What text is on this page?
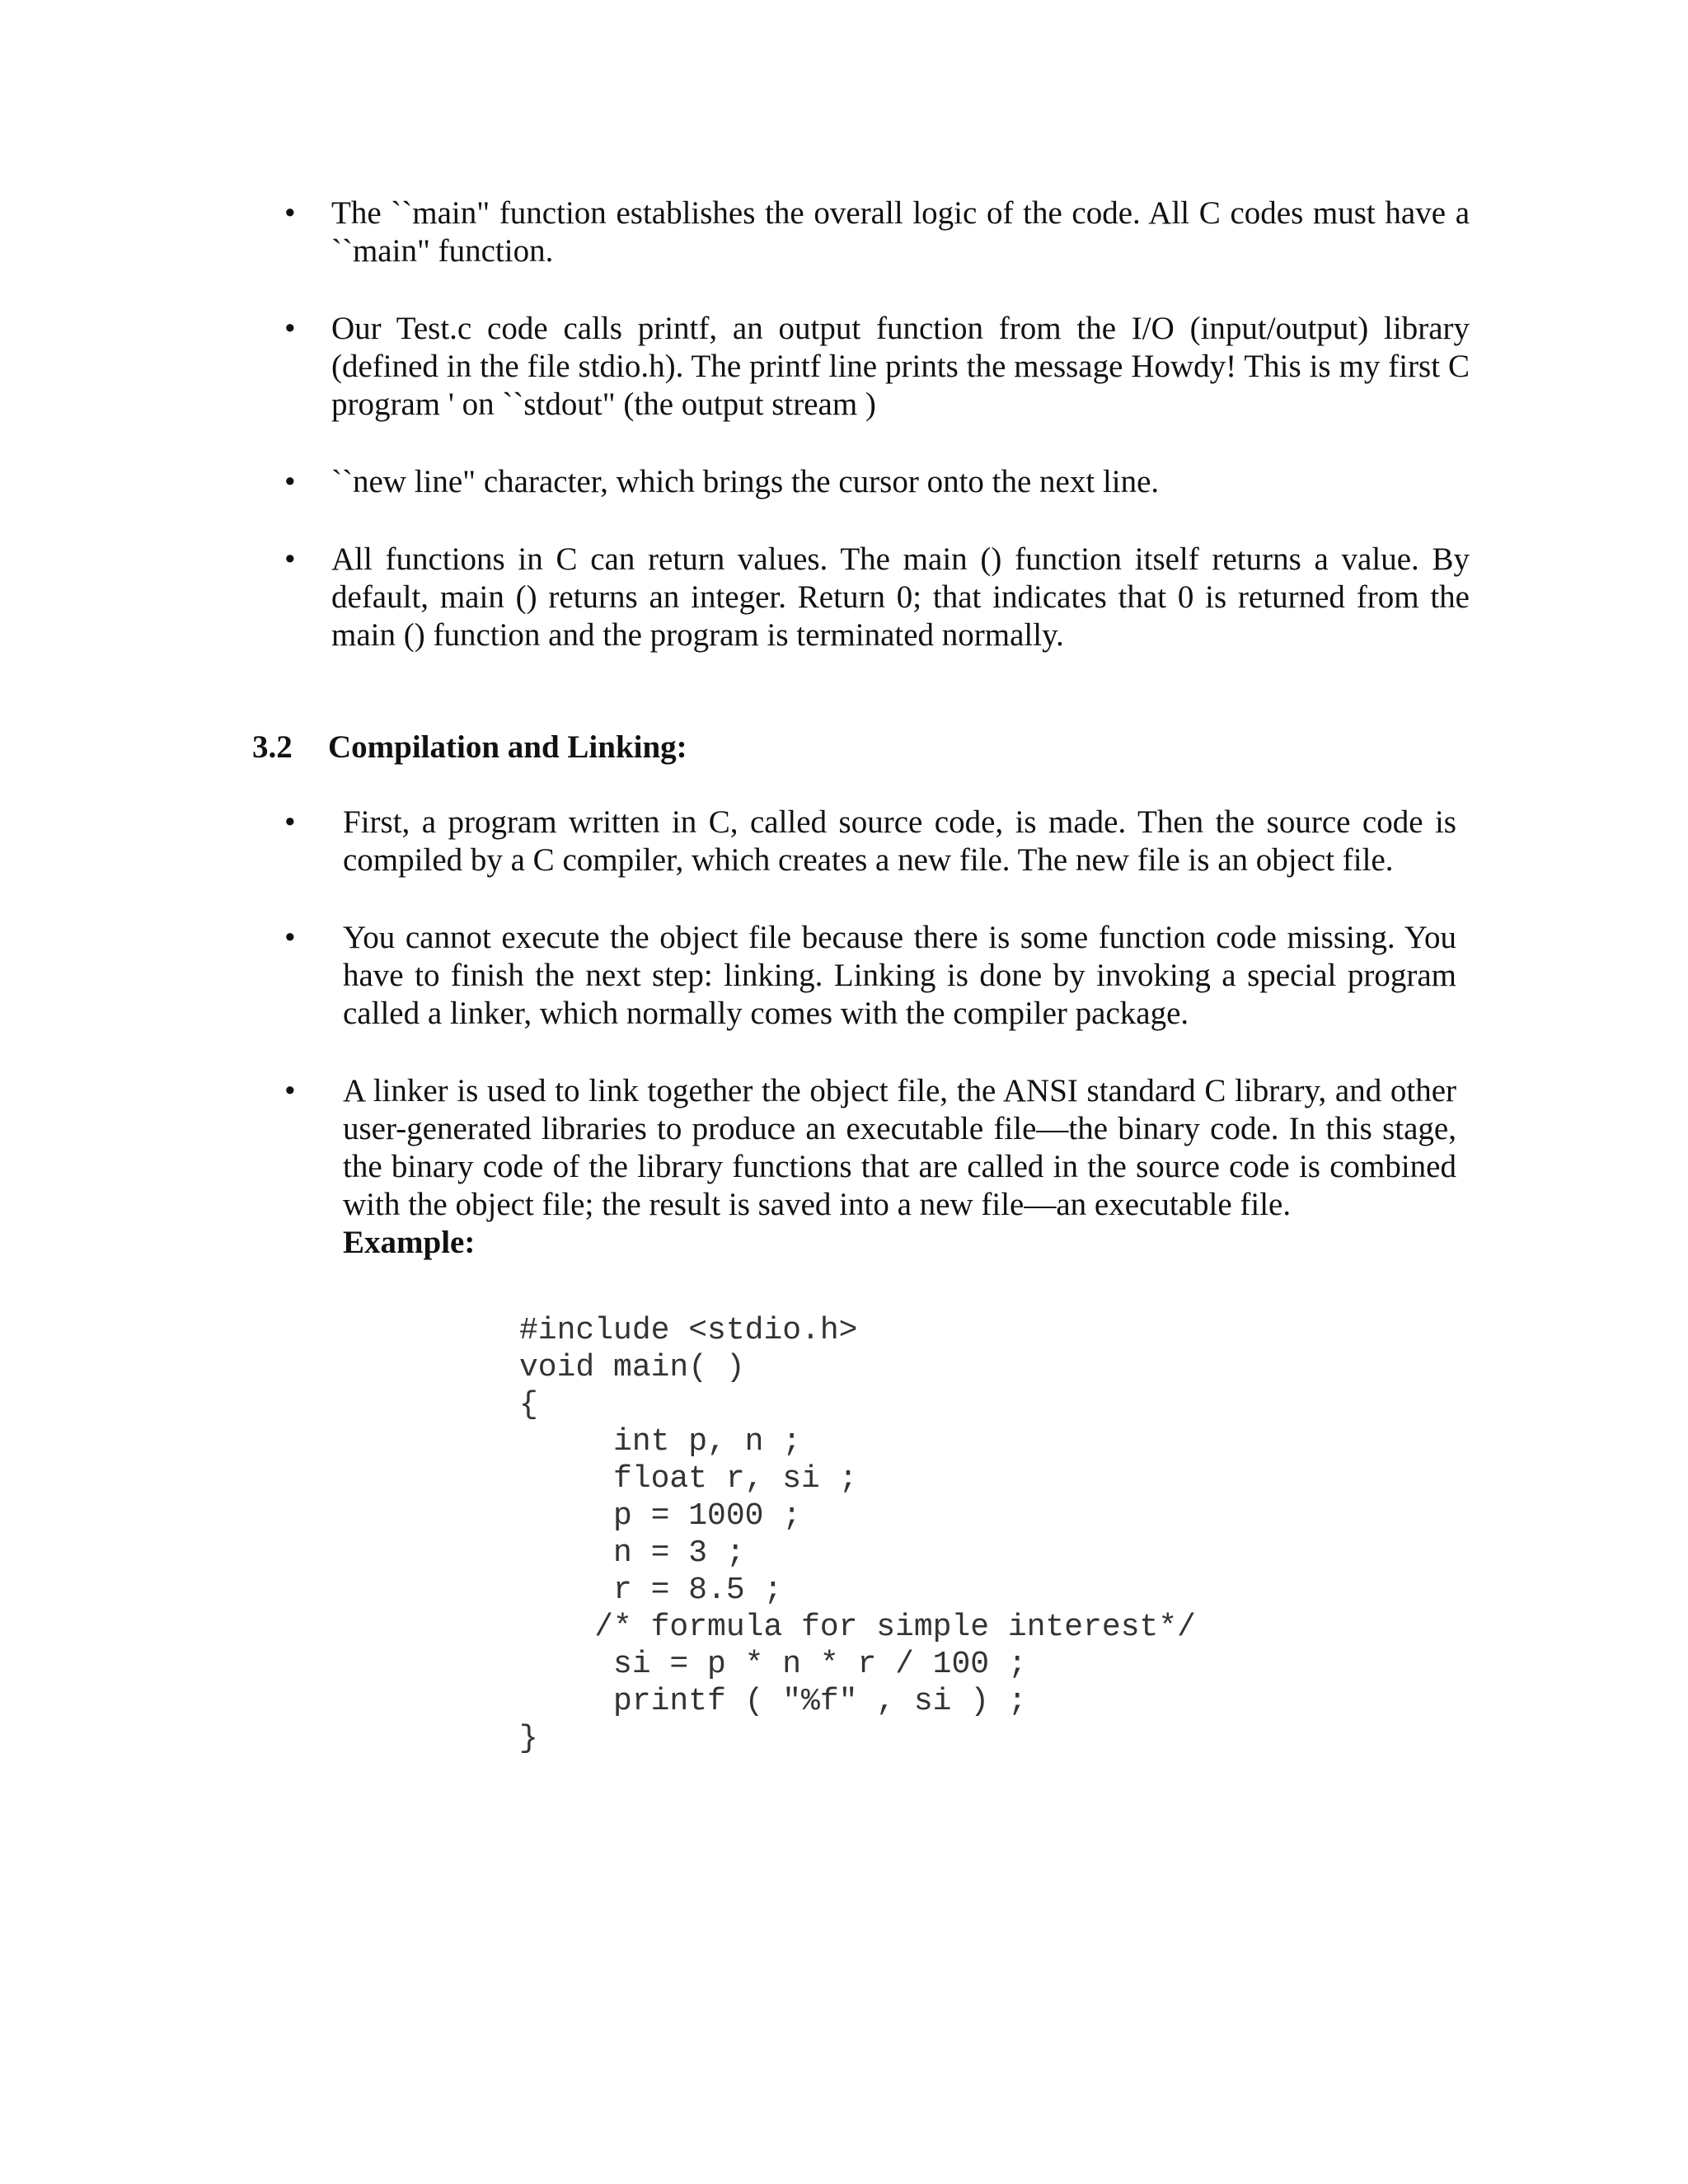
•	The ``main" function establishes the overall logic of the code. All C codes must have a ``main" function.
•	Our Test.c code calls printf, an output function from the I/O (input/output) library (defined in the file stdio.h). The printf line prints the message Howdy! This is my first C program ' on ``stdout" (the output stream )
•	``new line" character, which brings the cursor onto the next line.
•	All functions in C can return values. The main () function itself returns a value. By default, main () returns an integer. Return 0; that indicates that 0 is returned from the main () function and the program is terminated normally.
3.2 Compilation and Linking:
•	First, a program written in C, called source code, is made. Then the source code is compiled by a C compiler, which creates a new file. The new file is an object file.
•	You cannot execute the object file because there is some function code missing. You have to finish the next step: linking. Linking is done by invoking a special program called a linker, which normally comes with the compiler package.
•	A linker is used to link together the object file, the ANSI standard C library, and other user-generated libraries to produce an executable file—the binary code. In this stage, the binary code of the library functions that are called in the source code is combined with the object file; the result is saved into a new file—an executable file.
Example:
#include <stdio.h>
void main( )
{
int p, n ;
float r, si ;
p = 1000 ;
n = 3 ;
r = 8.5 ;
/* formula for simple interest*/
si = p * n * r / 100 ;
printf ( "%f" , si ) ;
}
